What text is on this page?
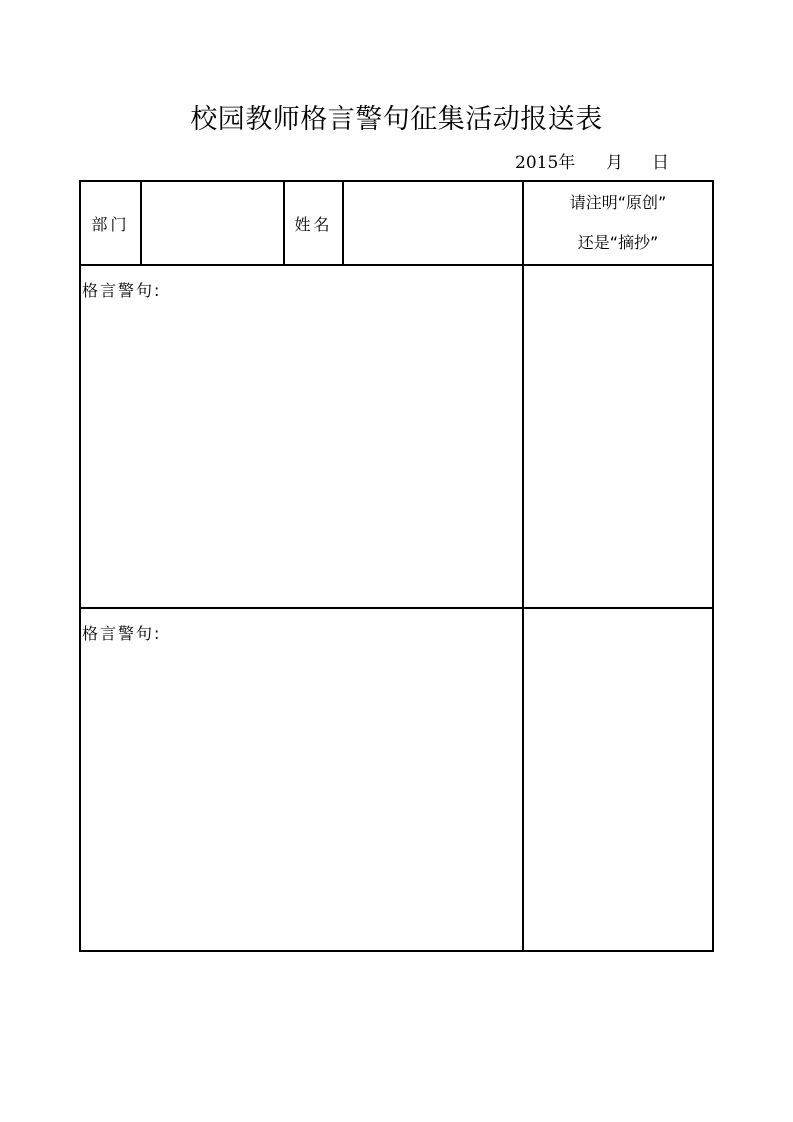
校园教师格言警句征集活动报送表
2015年 月 日
部门		姓名		请注明“原创”
还是“摘抄”

格言警句:				

格言警句:				
